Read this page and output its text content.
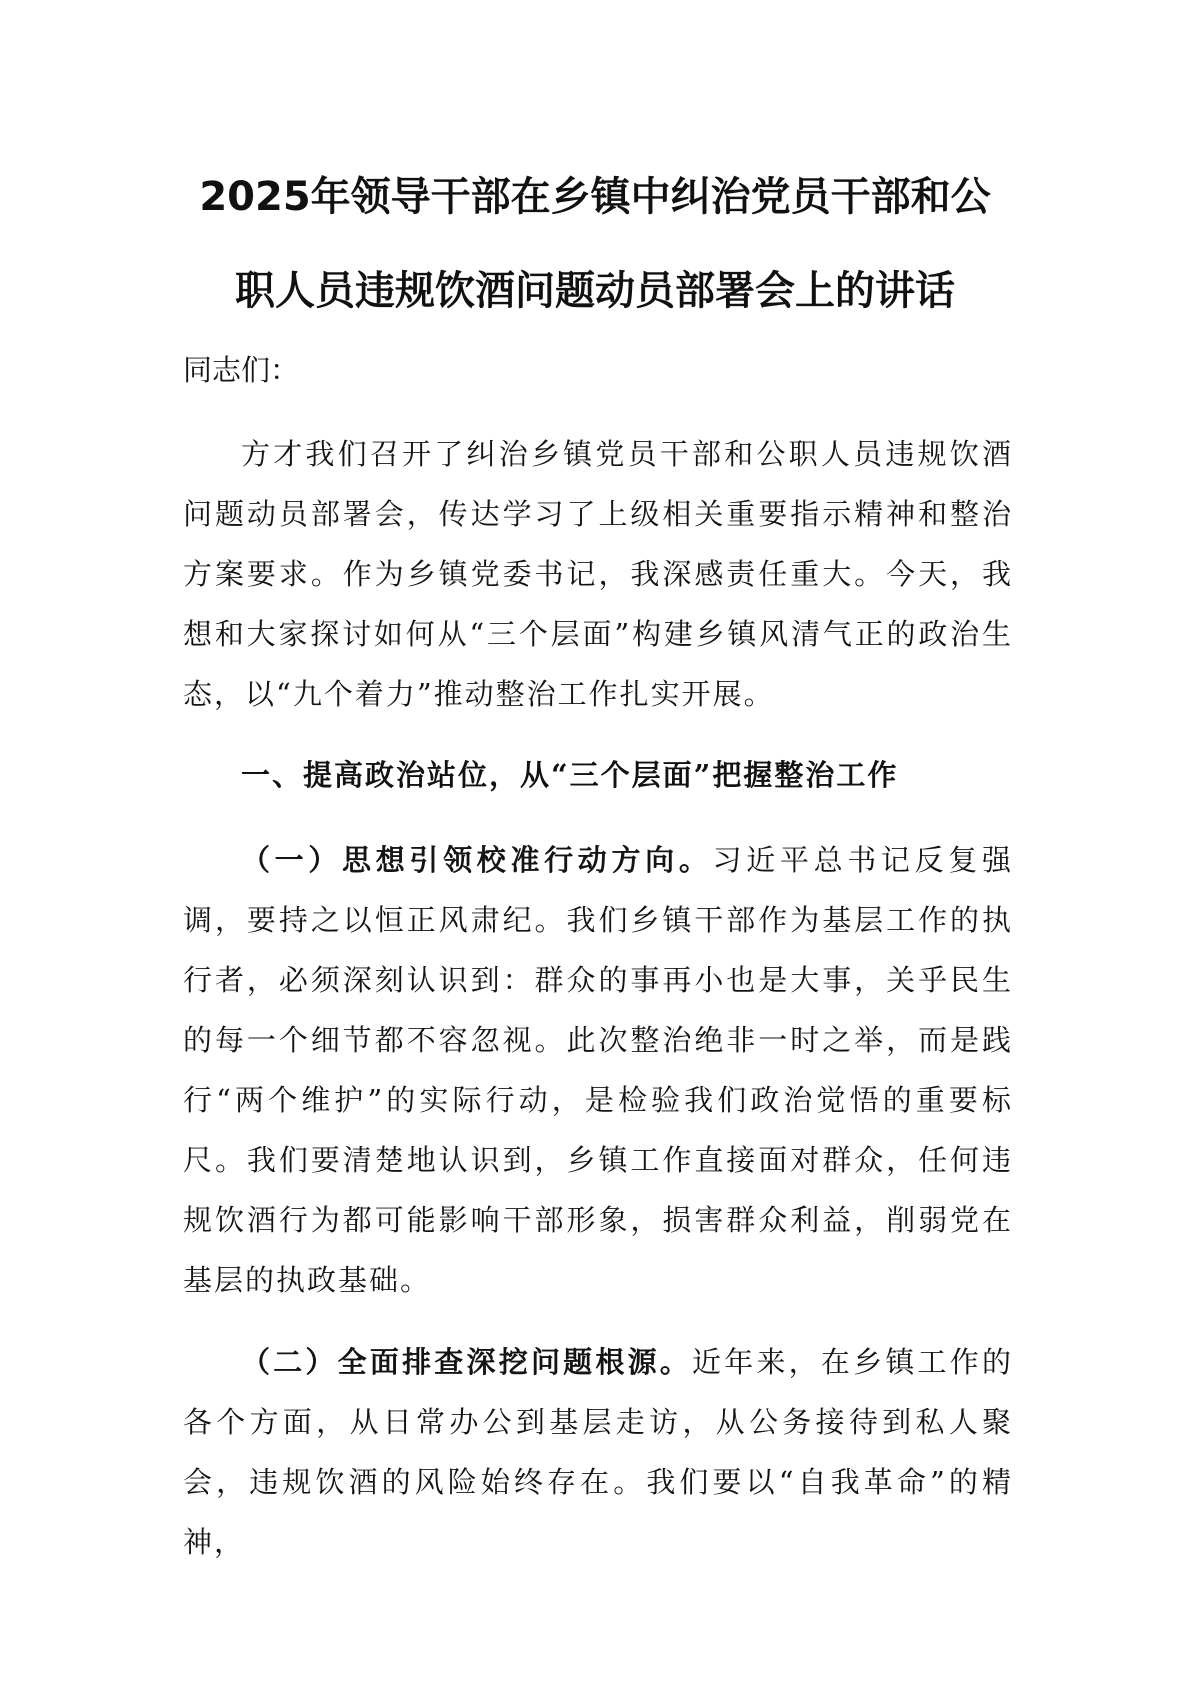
2025年领导干部在乡镇中纠治党员干部和公
职人员违规饮酒问题动员部署会上的讲话
同志们：

方才我们召开了纠治乡镇党员干部和公职人员违规饮酒问题动员部署会，传达学习了上级相关重要指示精神和整治方案要求。作为乡镇党委书记，我深感责任重大。今天，我想和大家探讨如何从“三个层面”构建乡镇风清气正的政治生态，以“九个着力”推动整治工作扎实开展。

一、提高政治站位，从“三个层面”把握整治工作

（一）思想引领校准行动方向。习近平总书记反复强调，要持之以恒正风肃纪。我们乡镇干部作为基层工作的执行者，必须深刻认识到：群众的事再小也是大事，关乎民生的每一个细节都不容忽视。此次整治绝非一时之举，而是践行“两个维护”的实际行动，是检验我们政治觉悟的重要标尺。我们要清楚地认识到，乡镇工作直接面对群众，任何违规饮酒行为都可能影响干部形象，损害群众利益，削弱党在基层的执政基础。

（二）全面排查深挖问题根源。近年来，在乡镇工作的各个方面，从日常办公到基层走访，从公务接待到私人聚会，违规饮酒的风险始终存在。我们要以“自我革命”的精神，
